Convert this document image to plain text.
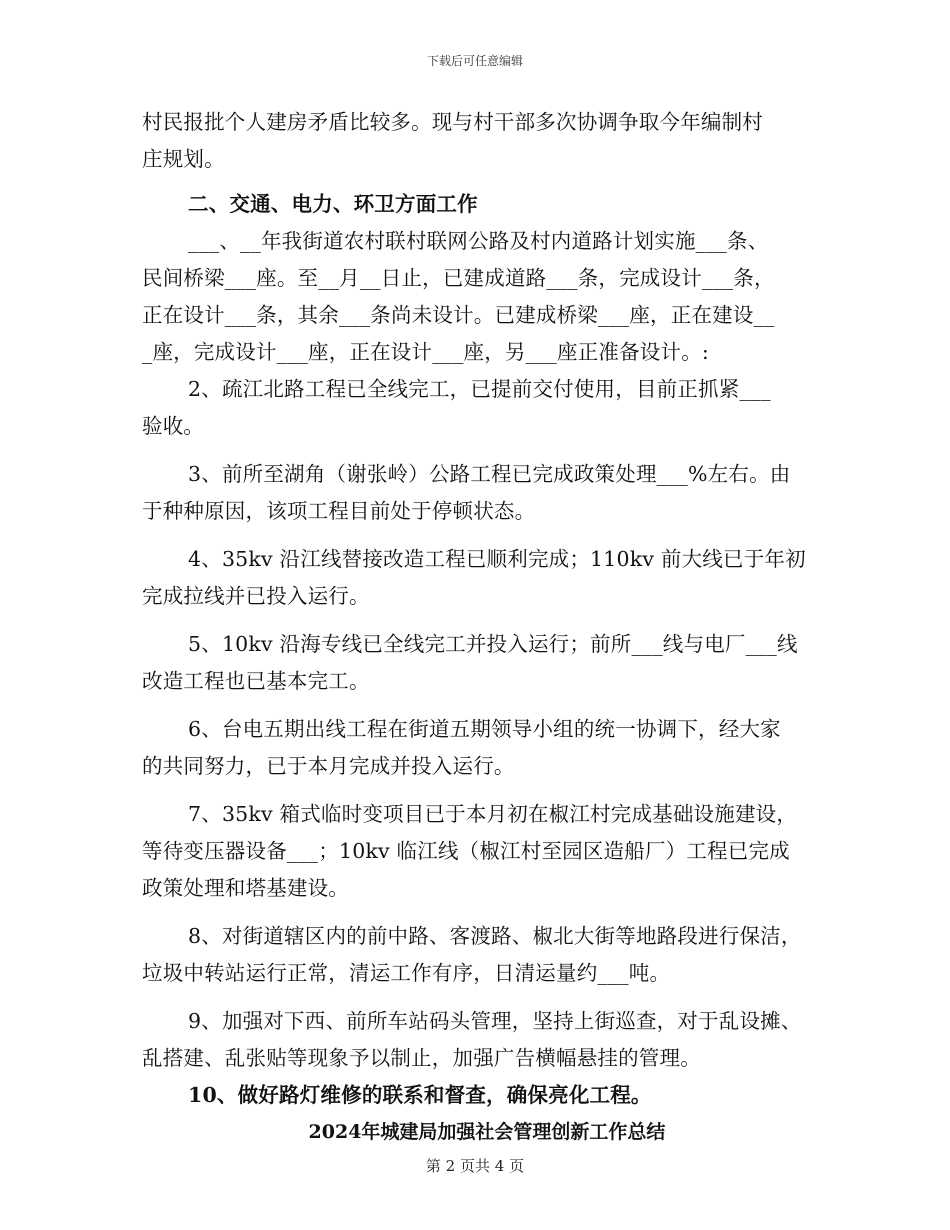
下载后可任意编辑
村民报批个人建房矛盾比较多。现与村干部多次协调争取今年编制村
庄规划。
二、交通、电力、环卫方面工作
___、__年我街道农村联村联网公路及村内道路计划实施___条、
民间桥梁___座。至__月__日止，已建成道路___条，完成设计___条，
正在设计___条，其余___条尚未设计。已建成桥梁___座，正在建设__
_座，完成设计___座，正在设计___座，另___座正准备设计。:
2、疏江北路工程已全线完工，已提前交付使用，目前正抓紧___
验收。
3、前所至湖角（谢张岭）公路工程已完成政策处理___%左右。由
于种种原因，该项工程目前处于停顿状态。
4、35kv 沿江线替接改造工程已顺利完成；110kv 前大线已于年初
完成拉线并已投入运行。
5、10kv 沿海专线已全线完工并投入运行；前所___线与电厂___线
改造工程也已基本完工。
6、台电五期出线工程在街道五期领导小组的统一协调下，经大家
的共同努力，已于本月完成并投入运行。
7、35kv 箱式临时变项目已于本月初在椒江村完成基础设施建设，
等待变压器设备___；10kv 临江线（椒江村至园区造船厂）工程已完成
政策处理和塔基建设。
8、对街道辖区内的前中路、客渡路、椒北大街等地路段进行保洁，
垃圾中转站运行正常，清运工作有序，日清运量约___吨。
9、加强对下西、前所车站码头管理，坚持上街巡查，对于乱设摊、
乱搭建、乱张贴等现象予以制止，加强广告横幅悬挂的管理。
10、做好路灯维修的联系和督查，确保亮化工程。
2024年城建局加强社会管理创新工作总结
第 2 页共 4 页
